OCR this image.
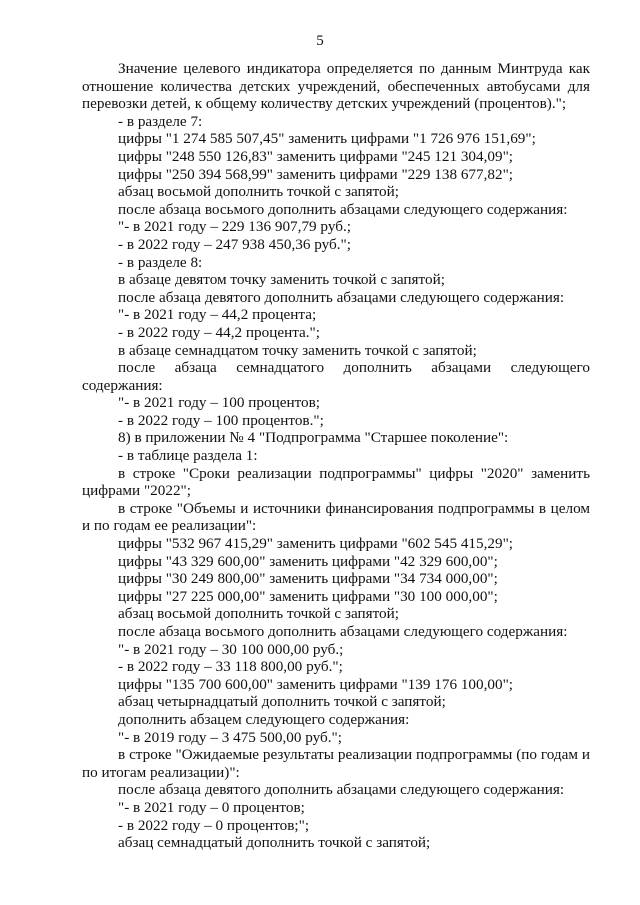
5

Значение целевого индикатора определяется по данным Минтруда как отношение количества детских учреждений, обеспеченных автобусами для перевозки детей, к общему количеству детских учреждений (процентов).";

- в разделе 7:

цифры "1 274 585 507,45" заменить цифрами "1 726 976 151,69";

цифры "248 550 126,83" заменить цифрами "245 121 304,09";

цифры "250 394 568,99" заменить цифрами "229 138 677,82";

абзац восьмой дополнить точкой с запятой;

после абзаца восьмого дополнить абзацами следующего содержания:

"- в 2021 году – 229 136 907,79 руб.;

- в 2022 году – 247 938 450,36 руб.";

- в разделе 8:

в абзаце девятом точку заменить точкой с запятой;

после абзаца девятого дополнить абзацами следующего содержания:

"- в 2021 году – 44,2 процента;

- в 2022 году – 44,2 процента.";

в абзаце семнадцатом точку заменить точкой с запятой;

после абзаца семнадцатого дополнить абзацами следующего содержания:

"- в 2021 году – 100 процентов;

- в 2022 году – 100 процентов.";

8) в приложении № 4 "Подпрограмма "Старшее поколение":

- в таблице раздела 1:

в строке "Сроки реализации подпрограммы" цифры "2020" заменить цифрами "2022";

в строке "Объемы и источники финансирования подпрограммы в целом и по годам ее реализации":

цифры "532 967 415,29" заменить цифрами "602 545 415,29";

цифры "43 329 600,00" заменить цифрами "42 329 600,00";

цифры "30 249 800,00" заменить цифрами "34 734 000,00";

цифры "27 225 000,00" заменить цифрами "30 100 000,00";

абзац восьмой дополнить точкой с запятой;

после абзаца восьмого дополнить абзацами следующего содержания:

"- в 2021 году – 30 100 000,00 руб.;

- в 2022 году – 33 118 800,00 руб.";

цифры "135 700 600,00" заменить цифрами "139 176 100,00";

абзац четырнадцатый дополнить точкой с запятой;

дополнить абзацем следующего содержания:

"- в 2019 году – 3 475 500,00 руб.";

в строке "Ожидаемые результаты реализации подпрограммы (по годам и по итогам реализации)":

после абзаца девятого дополнить абзацами следующего содержания:

"- в 2021 году – 0 процентов;

- в 2022 году – 0 процентов;";

абзац семнадцатый дополнить точкой с запятой;
